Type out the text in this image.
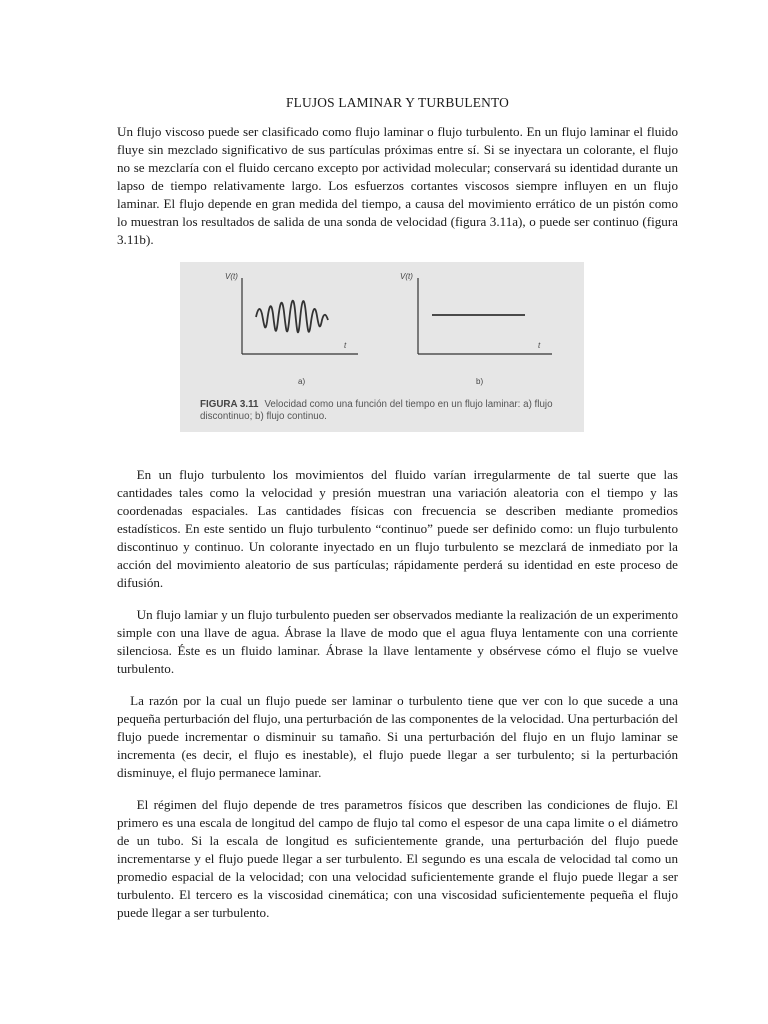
FLUJOS LAMINAR Y TURBULENTO

Un flujo viscoso puede ser clasificado como flujo laminar o flujo turbulento. En un flujo laminar el fluido fluye sin mezclado significativo de sus partículas próximas entre sí. Si se inyectara un colorante, el flujo no se mezclaría con el fluido cercano excepto por actividad molecular; conservará su identidad durante un lapso de tiempo relativamente largo. Los esfuerzos cortantes viscosos siempre influyen en un flujo laminar. El flujo depende en gran medida del tiempo, a causa del movimiento errático de un pistón como lo muestran los resultados de salida de una sonda de velocidad (figura 3.11a), o puede ser continuo (figura 3.11b).

V(t)	V(t)
t	t
a)	b)
FIGURA 3.11 Velocidad como una función del tiempo en un flujo laminar: a) flujo discontinuo; b) flujo continuo.

  En un flujo turbulento los movimientos del fluido varían irregularmente de tal suerte que las cantidades tales como la velocidad y presión muestran una variación aleatoria con el tiempo y las coordenadas espaciales. Las cantidades físicas con frecuencia se describen mediante promedios estadísticos. En este sentido un flujo turbulento “continuo” puede ser definido como: un flujo turbulento discontinuo y continuo. Un colorante inyectado en un flujo turbulento se mezclará de inmediato por la acción del movimiento aleatorio de sus partículas; rápidamente perderá su identidad en este proceso de difusión.

  Un flujo lamiar y un flujo turbulento pueden ser observados mediante la realización de un experimento simple con una llave de agua. Ábrase la llave de modo que el agua fluya lentamente con una corriente silenciosa. Éste es un fluido laminar. Ábrase la llave lentamente y obsérvese cómo el flujo se vuelve turbulento.

 La razón por la cual un flujo puede ser laminar o turbulento tiene que ver con lo que sucede a una pequeña perturbación del flujo, una perturbación de las componentes de la velocidad. Una perturbación del flujo puede incrementar o disminuir su tamaño. Si una perturbación del flujo en un flujo laminar se incrementa (es decir, el flujo es inestable), el flujo puede llegar a ser turbulento; si la perturbación disminuye, el flujo permanece laminar.

  El régimen del flujo depende de tres parametros físicos que describen las condiciones de flujo. El primero es una escala de longitud del campo de flujo tal como el espesor de una capa limite o el diámetro de un tubo. Si la escala de longitud es suficientemente grande, una perturbación del flujo puede incrementarse y el flujo puede llegar a ser turbulento. El segundo es una escala de velocidad tal como un promedio espacial de la velocidad; con una velocidad suficientemente grande el flujo puede llegar a ser turbulento. El tercero es la viscosidad cinemática; con una viscosidad suficientemente pequeña el flujo puede llegar a ser turbulento.
